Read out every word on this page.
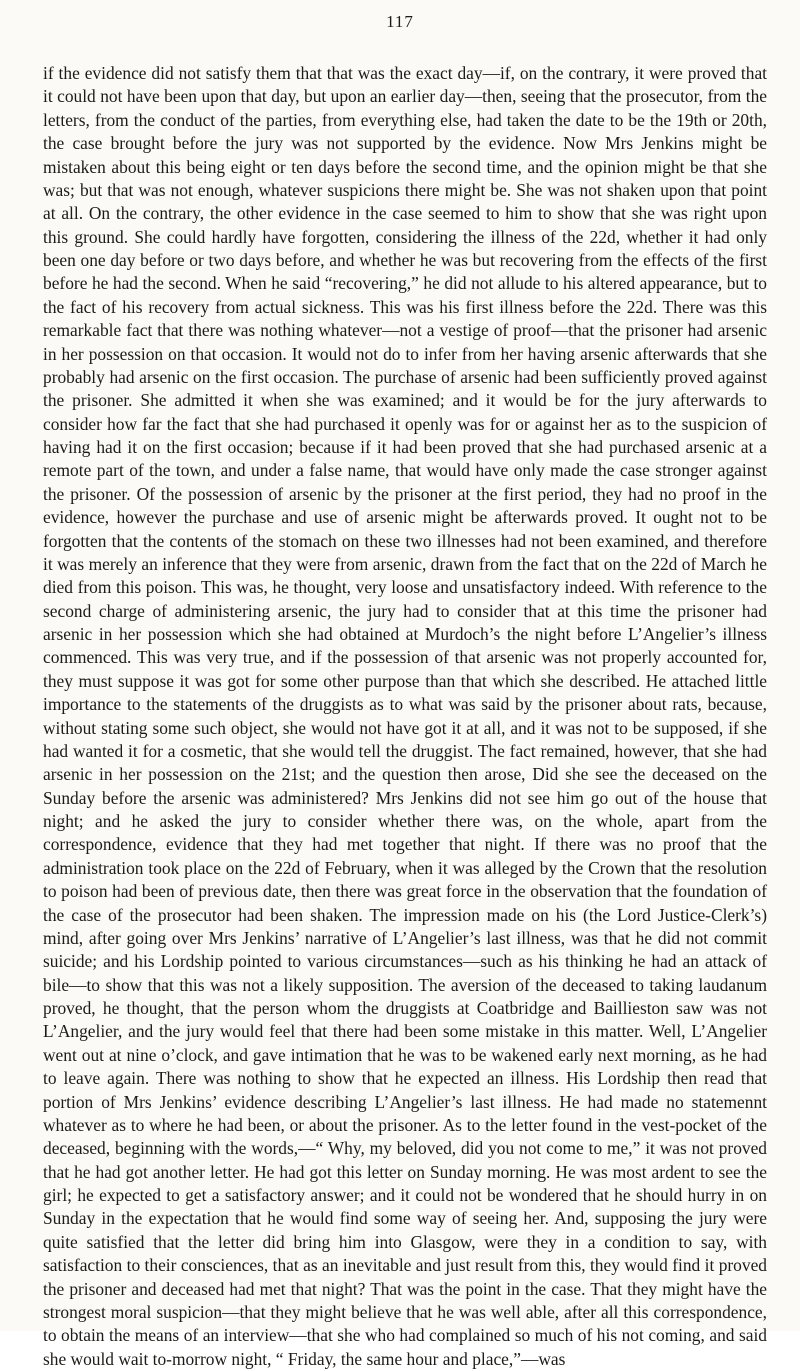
117

if the evidence did not satisfy them that that was the exact day—if, on the contrary, it were proved that it could not have been upon that day, but upon an earlier day—then, seeing that the prosecutor, from the letters, from the conduct of the parties, from everything else, had taken the date to be the 19th or 20th, the case brought before the jury was not supported by the evidence. Now Mrs Jenkins might be mistaken about this being eight or ten days before the second time, and the opinion might be that she was; but that was not enough, whatever suspicions there might be. She was not shaken upon that point at all. On the contrary, the other evidence in the case seemed to him to show that she was right upon this ground. She could hardly have forgotten, considering the illness of the 22d, whether it had only been one day before or two days before, and whether he was but recovering from the effects of the first before he had the second. When he said “recovering,” he did not allude to his altered appearance, but to the fact of his recovery from actual sickness. This was his first illness before the 22d. There was this remarkable fact that there was nothing whatever—not a vestige of proof—that the prisoner had arsenic in her possession on that occasion. It would not do to infer from her having arsenic afterwards that she probably had arsenic on the first occasion. The purchase of arsenic had been sufficiently proved against the prisoner. She admitted it when she was examined; and it would be for the jury afterwards to consider how far the fact that she had purchased it openly was for or against her as to the suspicion of having had it on the first occasion; because if it had been proved that she had purchased arsenic at a remote part of the town, and under a false name, that would have only made the case stronger against the prisoner. Of the possession of arsenic by the prisoner at the first period, they had no proof in the evidence, however the purchase and use of arsenic might be afterwards proved. It ought not to be forgotten that the contents of the stomach on these two illnesses had not been examined, and therefore it was merely an inference that they were from arsenic, drawn from the fact that on the 22d of March he died from this poison. This was, he thought, very loose and unsatisfactory indeed. With reference to the second charge of administering arsenic, the jury had to consider that at this time the prisoner had arsenic in her possession which she had obtained at Murdoch’s the night before L’Angelier’s illness commenced. This was very true, and if the possession of that arsenic was not properly accounted for, they must suppose it was got for some other purpose than that which she described. He attached little importance to the statements of the druggists as to what was said by the prisoner about rats, because, without stating some such object, she would not have got it at all, and it was not to be supposed, if she had wanted it for a cosmetic, that she would tell the druggist. The fact remained, however, that she had arsenic in her possession on the 21st; and the question then arose, Did she see the deceased on the Sunday before the arsenic was administered? Mrs Jenkins did not see him go out of the house that night; and he asked the jury to consider whether there was, on the whole, apart from the correspondence, evidence that they had met together that night. If there was no proof that the administration took place on the 22d of February, when it was alleged by the Crown that the resolution to poison had been of previous date, then there was great force in the observation that the foundation of the case of the prosecutor had been shaken. The impression made on his (the Lord Justice-Clerk’s) mind, after going over Mrs Jenkins’ narrative of L’Angelier’s last illness, was that he did not commit suicide; and his Lordship pointed to various circumstances—such as his thinking he had an attack of bile—to show that this was not a likely supposition. The aversion of the deceased to taking laudanum proved, he thought, that the person whom the druggists at Coatbridge and Baillieston saw was not L’Angelier, and the jury would feel that there had been some mistake in this matter. Well, L’Angelier went out at nine o’clock, and gave intimation that he was to be wakened early next morning, as he had to leave again. There was nothing to show that he expected an illness. His Lordship then read that portion of Mrs Jenkins’ evidence describing L’Angelier’s last illness. He had made no statemennt whatever as to where he had been, or about the prisoner. As to the letter found in the vest-pocket of the deceased, beginning with the words,—“ Why, my beloved, did you not come to me,” it was not proved that he had got another letter. He had got this letter on Sunday morning. He was most ardent to see the girl; he expected to get a satisfactory answer; and it could not be wondered that he should hurry in on Sunday in the expectation that he would find some way of seeing her. And, supposing the jury were quite satisfied that the letter did bring him into Glasgow, were they in a condition to say, with satisfaction to their consciences, that as an inevitable and just result from this, they would find it proved the prisoner and deceased had met that night? That was the point in the case. That they might have the strongest moral suspicion—that they might believe that he was well able, after all this correspondence, to obtain the means of an interview—that she who had complained so much of his not coming, and said she would wait to-morrow night, “ Friday, the same hour and place,”—was
